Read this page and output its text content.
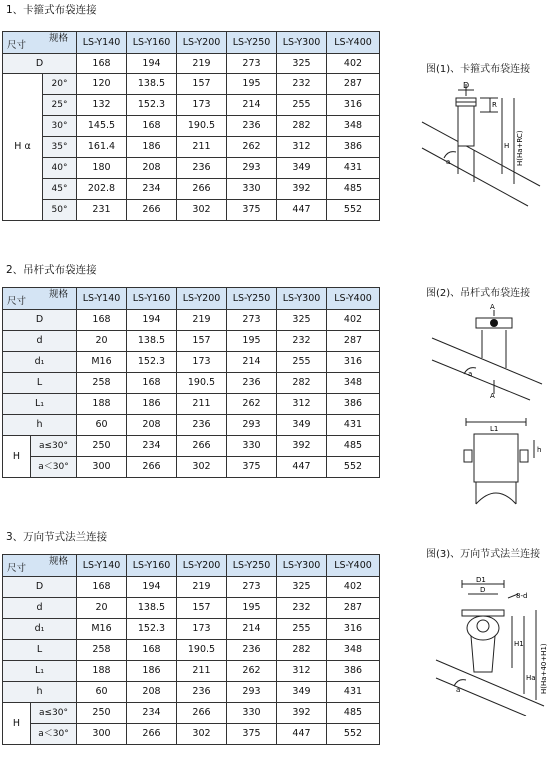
1、卡箍式布袋连接
规格
尺寸		LS-Y140	LS-Y160	LS-Y200	LS-Y250	LS-Y300	LS-Y400
D		168	194	219	273	325	402
H α	20°	120	138.5	157	195	232	287
	25°	132	152.3	173	214	255	316
	30°	145.5	168	190.5	236	282	348
	35°	161.4	186	211	262	312	386
	40°	180	208	236	293	349	431
	45°	202.8	234	266	330	392	485
	50°	231	266	302	375	447	552
图(1)、卡箍式布袋连接
D
R
H H(Ha+RC)
a
2、吊杆式布袋连接
规格
尺寸		LS-Y140	LS-Y160	LS-Y200	LS-Y250	LS-Y300	LS-Y400
D		168	194	219	273	325	402
d		20	138.5	157	195	232	287
d₁		M16	152.3	173	214	255	316
L		258	168	190.5	236	282	348
L₁		188	186	211	262	312	386
h		60	208	236	293	349	431
H	a≤30°	250	234	266	330	392	485
	a＜30°	300	266	302	375	447	552
图(2)、吊杆式布袋连接
A
A
a
L1
h
3、万向节式法兰连接
规格
尺寸		LS-Y140	LS-Y160	LS-Y200	LS-Y250	LS-Y300	LS-Y400
D		168	194	219	273	325	402
d		20	138.5	157	195	232	287
d₁		M16	152.3	173	214	255	316
L		258	168	190.5	236	282	348
L₁		188	186	211	262	312	386
h		60	208	236	293	349	431
H	a≤30°	250	234	266	330	392	485
	a＜30°	300	266	302	375	447	552
图(3)、万向节式法兰连接
D1
D
8-d
H1
Ha H(Ha+40+H1)
a
